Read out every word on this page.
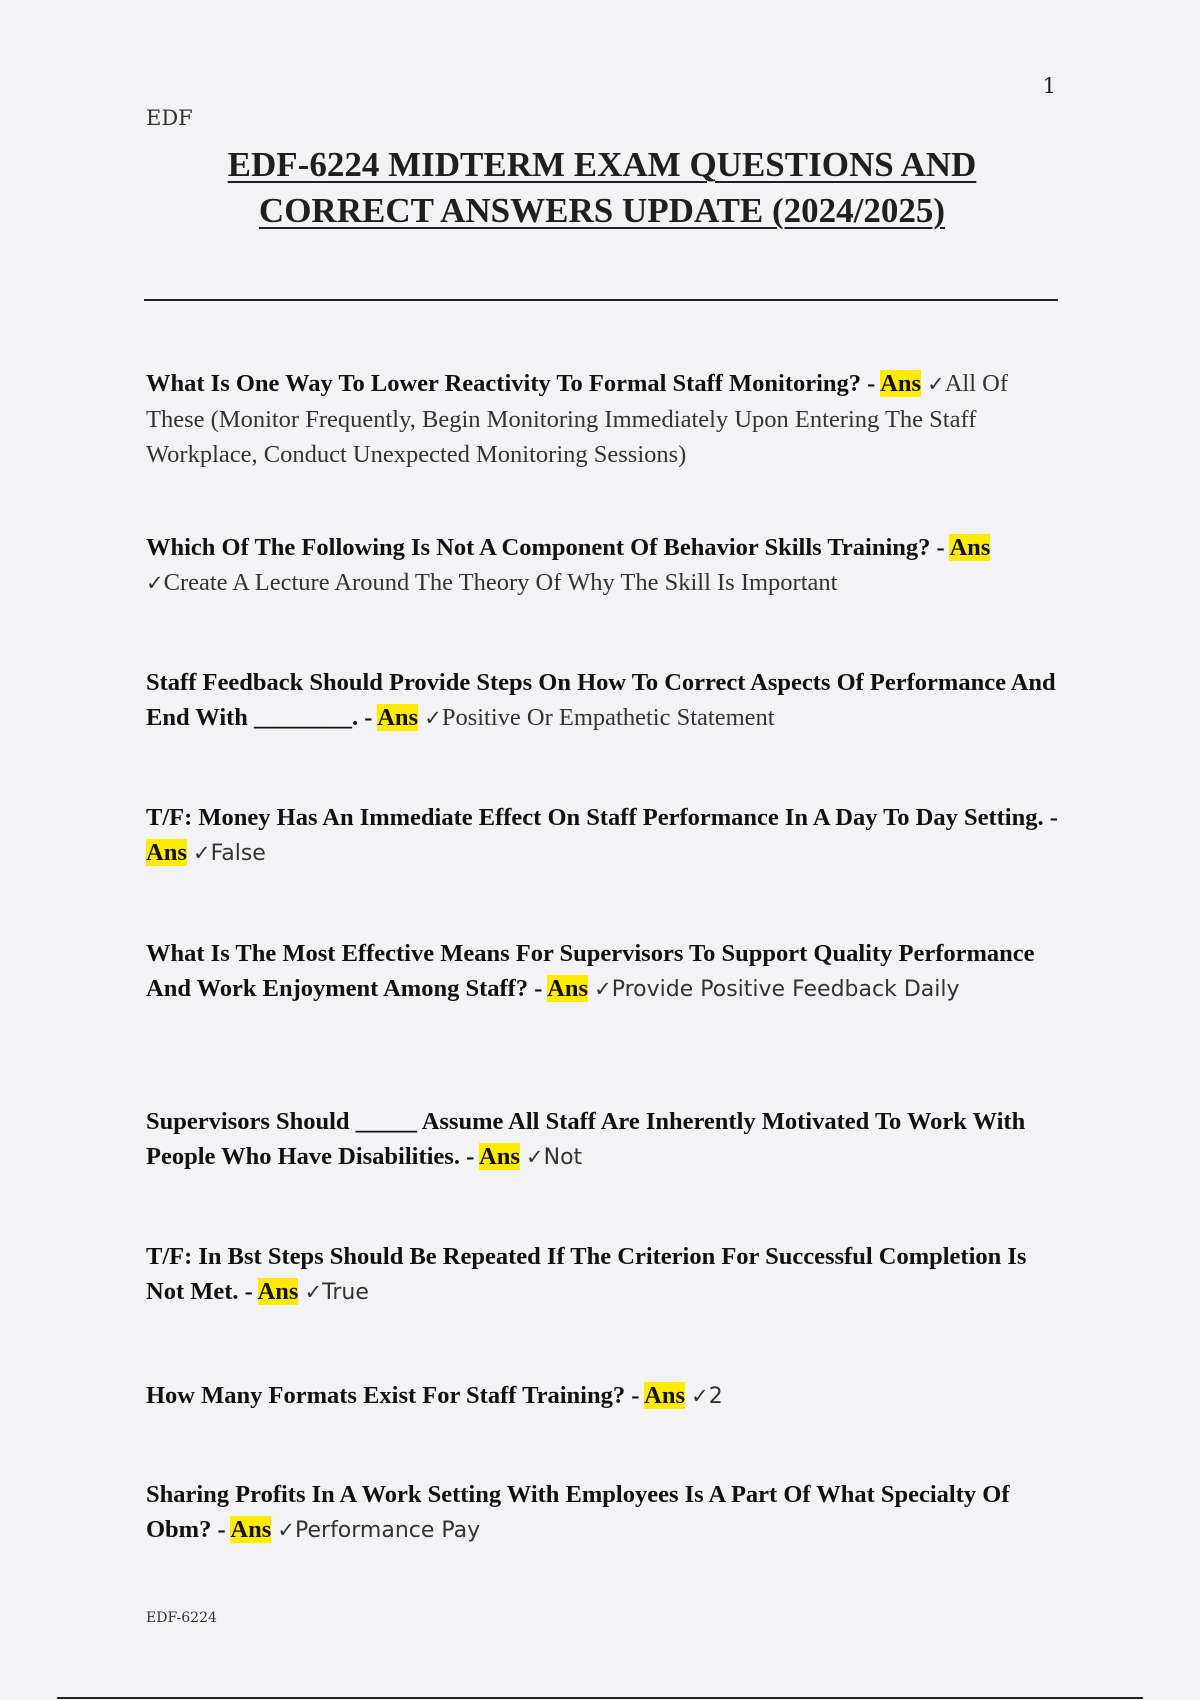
1
EDF
EDF-6224 MIDTERM EXAM QUESTIONS AND CORRECT ANSWERS UPDATE (2024/2025)
What Is One Way To Lower Reactivity To Formal Staff Monitoring? - Ans ✓All Of These (Monitor Frequently, Begin Monitoring Immediately Upon Entering The Staff Workplace, Conduct Unexpected Monitoring Sessions)
Which Of The Following Is Not A Component Of Behavior Skills Training? - Ans ✓Create A Lecture Around The Theory Of Why The Skill Is Important
Staff Feedback Should Provide Steps On How To Correct Aspects Of Performance And End With ________. - Ans ✓Positive Or Empathetic Statement
T/F: Money Has An Immediate Effect On Staff Performance In A Day To Day Setting. - Ans ✓False
What Is The Most Effective Means For Supervisors To Support Quality Performance And Work Enjoyment Among Staff? - Ans ✓Provide Positive Feedback Daily
Supervisors Should _____ Assume All Staff Are Inherently Motivated To Work With People Who Have Disabilities. - Ans ✓Not
T/F: In Bst Steps Should Be Repeated If The Criterion For Successful Completion Is Not Met. - Ans ✓True
How Many Formats Exist For Staff Training? - Ans ✓2
Sharing Profits In A Work Setting With Employees Is A Part Of What Specialty Of Obm? - Ans ✓Performance Pay
EDF-6224
